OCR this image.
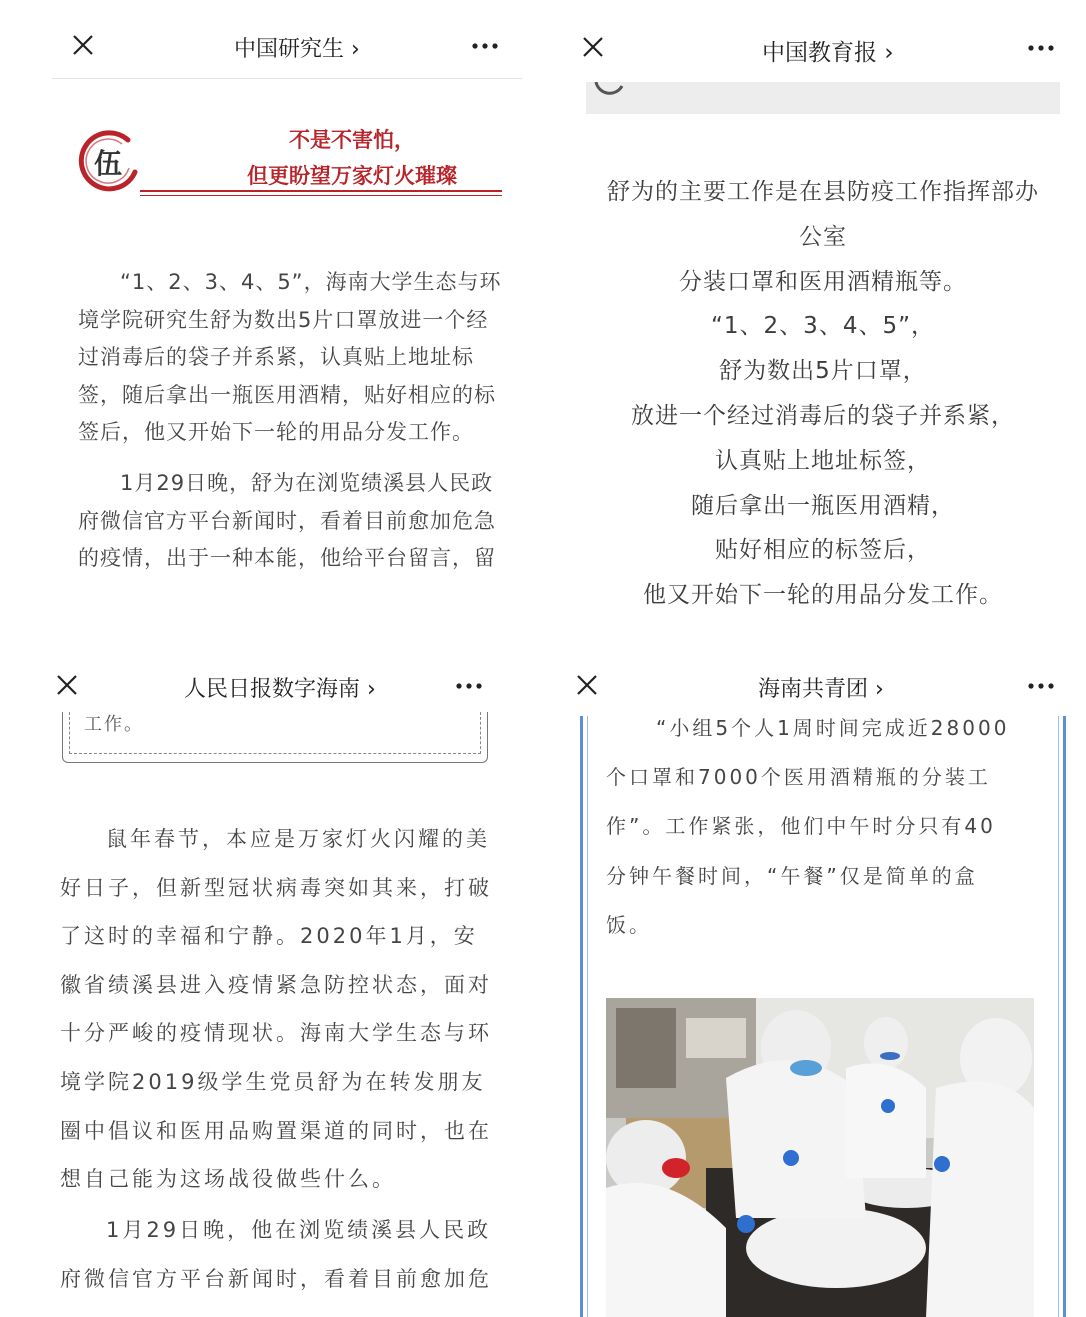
中国研究生 ›
伍
不是不害怕，
但更盼望万家灯火璀璨
“1、2、3、4、5”，海南大学生态与环
境学院研究生舒为数出5片口罩放进一个经
过消毒后的袋子并系紧，认真贴上地址标
签，随后拿出一瓶医用酒精，贴好相应的标
签后，他又开始下一轮的用品分发工作。
1月29日晚，舒为在浏览绩溪县人民政
府微信官方平台新闻时，看着目前愈加危急
的疫情，出于一种本能，他给平台留言，留
中国教育报 ›
舒为的主要工作是在县防疫工作指挥部办
公室
分装口罩和医用酒精瓶等。
“1、2、3、4、5”，
舒为数出5片口罩，
放进一个经过消毒后的袋子并系紧，
认真贴上地址标签，
随后拿出一瓶医用酒精，
贴好相应的标签后，
他又开始下一轮的用品分发工作。
人民日报数字海南 ›
工作。
鼠年春节，本应是万家灯火闪耀的美
好日子，但新型冠状病毒突如其来，打破
了这时的幸福和宁静。2020年1月，安
徽省绩溪县进入疫情紧急防控状态，面对
十分严峻的疫情现状。海南大学生态与环
境学院2019级学生党员舒为在转发朋友
圈中倡议和医用品购置渠道的同时，也在
想自己能为这场战役做些什么。
1月29日晚，他在浏览绩溪县人民政
府微信官方平台新闻时，看着目前愈加危
海南共青团 ›
“小组5个人1周时间完成近28000
个口罩和7000个医用酒精瓶的分装工
作”。工作紧张，他们中午时分只有40
分钟午餐时间，“午餐”仅是简单的盒
饭。
